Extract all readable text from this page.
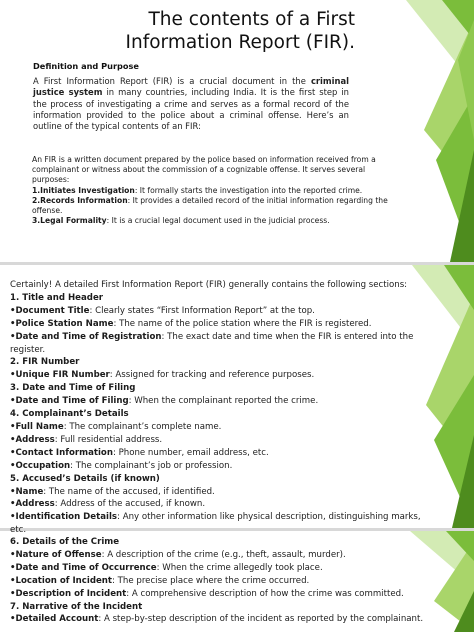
The contents of a First Information Report (FIR).
Definition and Purpose
A First Information Report (FIR) is a crucial document in the criminal justice system in many countries, including India. It is the first step in the process of investigating a crime and serves as a formal record of the information provided to the police about a criminal offense. Here’s an outline of the typical contents of an FIR:
An FIR is a written document prepared by the police based on information received from a complainant or witness about the commission of a cognizable offense. It serves several purposes:
1.Initiates Investigation: It formally starts the investigation into the reported crime.
2.Records Information: It provides a detailed record of the initial information regarding the offense.
3.Legal Formality: It is a crucial legal document used in the judicial process.
Certainly! A detailed First Information Report (FIR) generally contains the following sections:
1. Title and Header
•Document Title: Clearly states “First Information Report” at the top.
•Police Station Name: The name of the police station where the FIR is registered.
•Date and Time of Registration: The exact date and time when the FIR is entered into the register.
2. FIR Number
•Unique FIR Number: Assigned for tracking and reference purposes.
3. Date and Time of Filing
•Date and Time of Filing: When the complainant reported the crime.
4. Complainant’s Details
•Full Name: The complainant’s complete name.
•Address: Full residential address.
•Contact Information: Phone number, email address, etc.
•Occupation: The complainant’s job or profession.
5. Accused’s Details (if known)
•Name: The name of the accused, if identified.
•Address: Address of the accused, if known.
•Identification Details: Any other information like physical description, distinguishing marks, etc.
6. Details of the Crime
•Nature of Offense: A description of the crime (e.g., theft, assault, murder).
•Date and Time of Occurrence: When the crime allegedly took place.
•Location of Incident: The precise place where the crime occurred.
•Description of Incident: A comprehensive description of how the crime was committed.
7. Narrative of the Incident
•Detailed Account: A step-by-step description of the incident as reported by the complainant.
